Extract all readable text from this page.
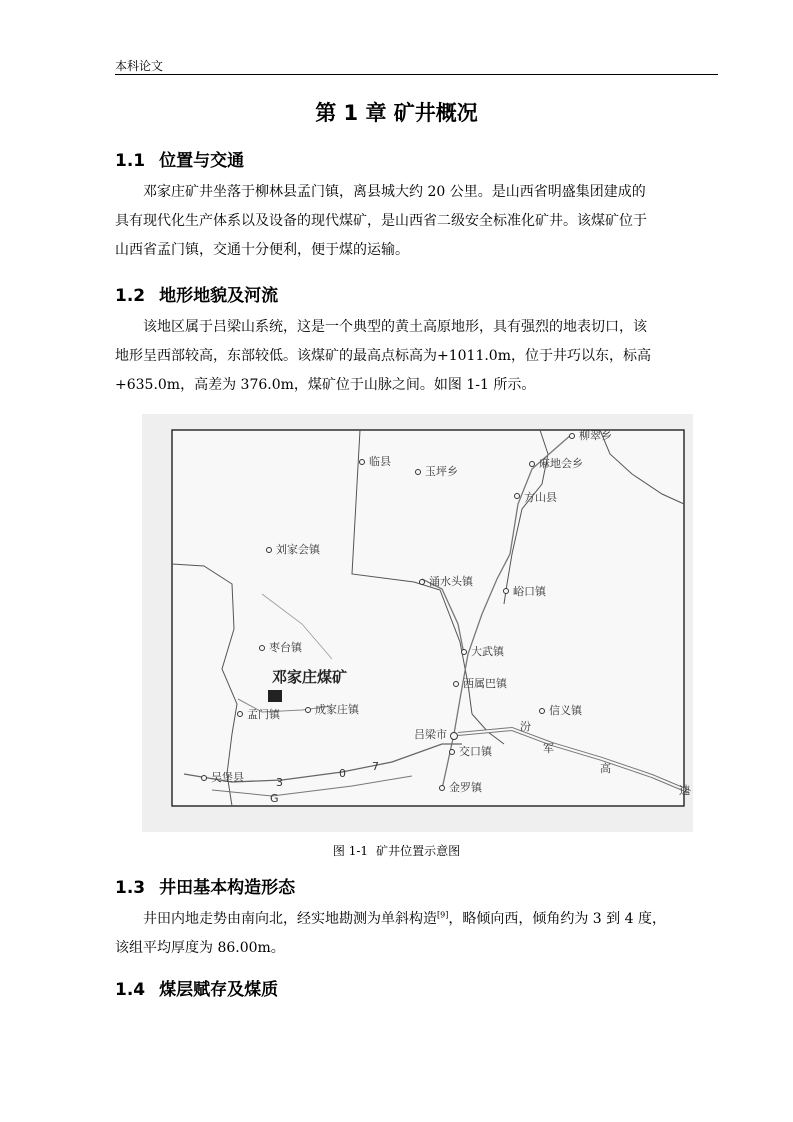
本科论文
第 1 章 矿井概况
1.1 位置与交通
邓家庄矿井坐落于柳林县孟门镇，离县城大约 20 公里。是山西省明盛集团建成的
具有现代化生产体系以及设备的现代煤矿，是山西省二级安全标准化矿井。该煤矿位于
山西省孟门镇，交通十分便利，便于煤的运输。
1.2 地形地貌及河流
该地区属于吕梁山系统，这是一个典型的黄土高原地形，具有强烈的地表切口，该
地形呈西部较高，东部较低。该煤矿的最高点标高为+1011.0m，位于井巧以东，标高
+635.0m，高差为 376.0m，煤矿位于山脉之间。如图 1-1 所示。
柳翠乡
临县
玉坪乡
麻地会乡
方山县
刘家会镇
涌水头镇
峪口镇
大武镇
枣台镇
西属巴镇
孟门镇	成家庄镇	信义镇
吕梁市
交口镇
吴堡县
金罗镇
邓家庄煤矿
3
0
7
G
汾
军
高
速
图 1-1 矿井位置示意图
1.3 井田基本构造形态
井田内地走势由南向北，经实地勘测为单斜构造[9]，略倾向西，倾角约为 3 到 4 度，
该组平均厚度为 86.00m。
1.4 煤层赋存及煤质
